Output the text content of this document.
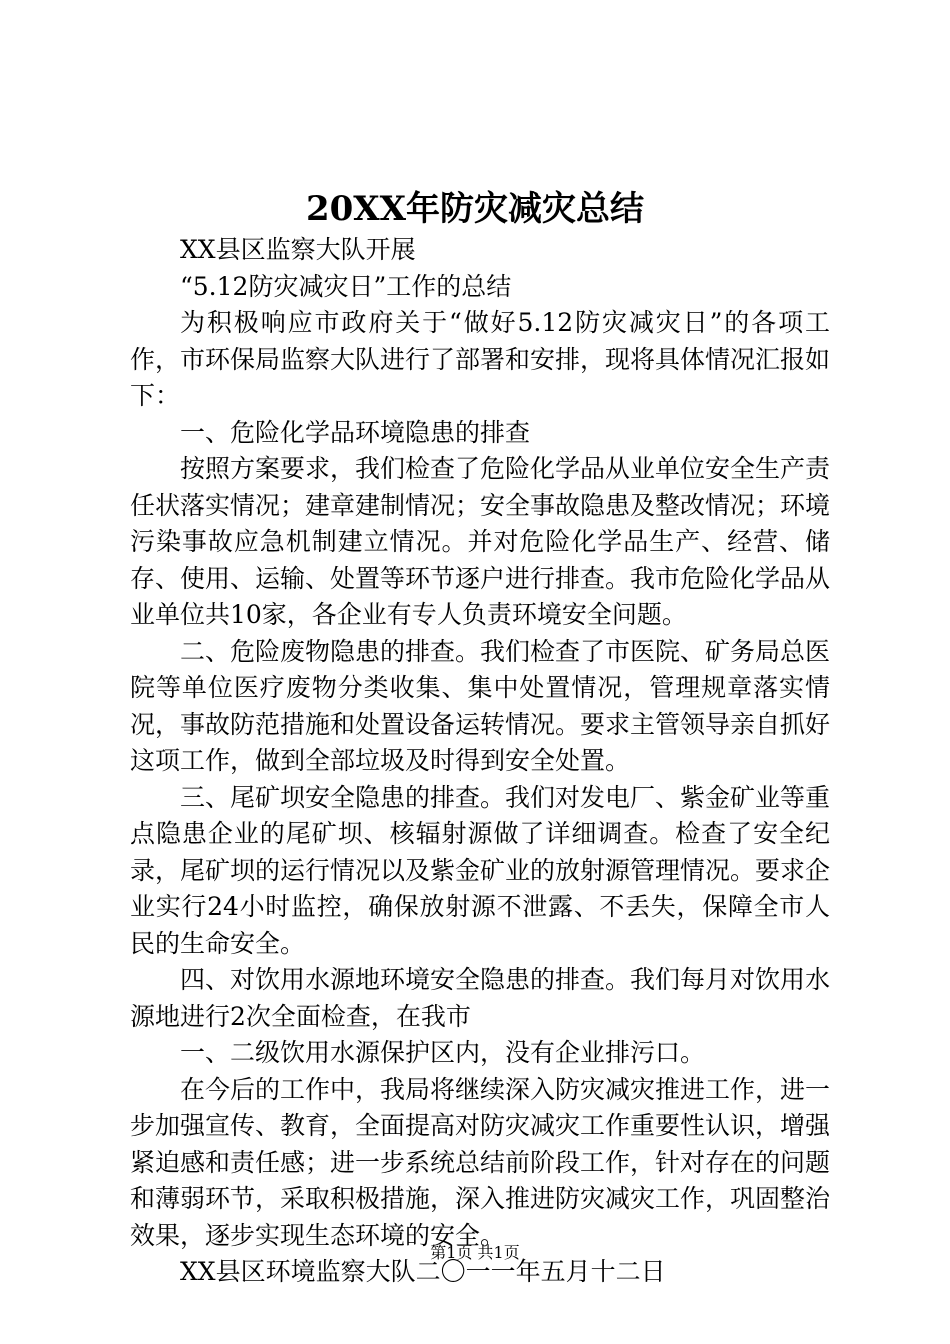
20XX年防灾减灾总结

XX县区监察大队开展

“5.12防灾减灾日”工作的总结

为积极响应市政府关于“做好5.12防灾减灾日”的各项工作，市环保局监察大队进行了部署和安排，现将具体情况汇报如下：

一、危险化学品环境隐患的排查

按照方案要求，我们检查了危险化学品从业单位安全生产责任状落实情况；建章建制情况；安全事故隐患及整改情况；环境污染事故应急机制建立情况。并对危险化学品生产、经营、储存、使用、运输、处置等环节逐户进行排查。我市危险化学品从业单位共10家，各企业有专人负责环境安全问题。

二、危险废物隐患的排查。我们检查了市医院、矿务局总医院等单位医疗废物分类收集、集中处置情况，管理规章落实情况，事故防范措施和处置设备运转情况。要求主管领导亲自抓好这项工作，做到全部垃圾及时得到安全处置。

三、尾矿坝安全隐患的排查。我们对发电厂、紫金矿业等重点隐患企业的尾矿坝、核辐射源做了详细调查。检查了安全纪录，尾矿坝的运行情况以及紫金矿业的放射源管理情况。要求企业实行24小时监控，确保放射源不泄露、不丢失，保障全市人民的生命安全。

四、对饮用水源地环境安全隐患的排查。我们每月对饮用水源地进行2次全面检查，在我市

一、二级饮用水源保护区内，没有企业排污口。

在今后的工作中，我局将继续深入防灾减灾推进工作，进一步加强宣传、教育，全面提高对防灾减灾工作重要性认识，增强紧迫感和责任感；进一步系统总结前阶段工作，针对存在的问题和薄弱环节，采取积极措施，深入推进防灾减灾工作，巩固整治效果，逐步实现生态环境的安全。

XX县区环境监察大队二〇一一年五月十二日

第1页 共1页
